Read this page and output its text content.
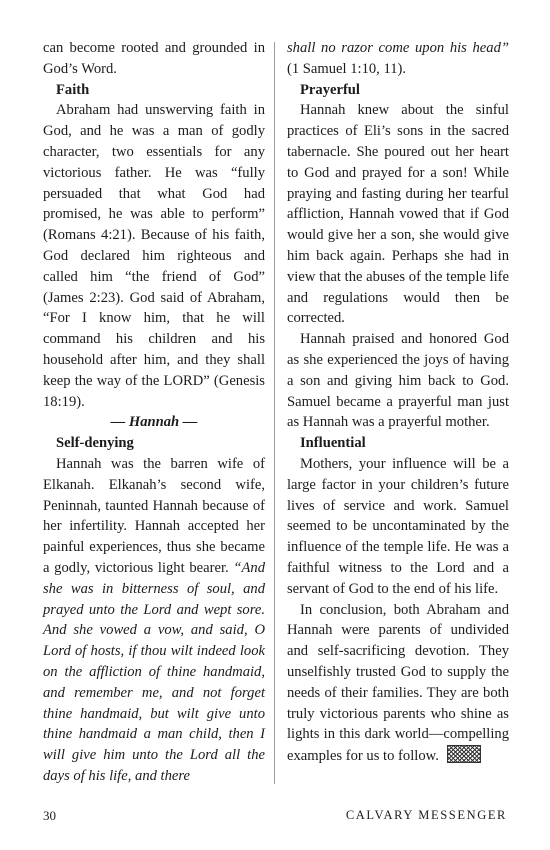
can become rooted and grounded in God’s Word.

Faith

Abraham had unswerving faith in God, and he was a man of godly character, two essentials for any victorious father. He was “fully persuaded that what God had promised, he was able to perform” (Romans 4:21). Because of his faith, God declared him righteous and called him “the friend of God” (James 2:23). God said of Abraham, “For I know him, that he will command his children and his household after him, and they shall keep the way of the LORD” (Genesis 18:19).

— Hannah —
Self-denying

Hannah was the barren wife of Elkanah. Elkanah’s second wife, Peninnah, taunted Hannah because of her infertility. Hannah accepted her painful experiences, thus she became a godly, victorious light bearer. “And she was in bitterness of soul, and prayed unto the Lord and wept sore. And she vowed a vow, and said, O Lord of hosts, if thou wilt indeed look on the affliction of thine handmaid, and remember me, and not forget thine handmaid, but wilt give unto thine handmaid a man child, then I will give him unto the Lord all the days of his life, and there

shall no razor come upon his head” (1 Samuel 1:10, 11).

Prayerful

Hannah knew about the sinful practices of Eli’s sons in the sacred tabernacle. She poured out her heart to God and prayed for a son! While praying and fasting during her tearful affliction, Hannah vowed that if God would give her a son, she would give him back again. Perhaps she had in view that the abuses of the temple life and regulations would then be corrected.

Hannah praised and honored God as she experienced the joys of having a son and giving him back to God. Samuel became a prayerful man just as Hannah was a prayerful mother.

Influential

Mothers, your influence will be a large factor in your children’s future lives of service and work. Samuel seemed to be uncontaminated by the influence of the temple life. He was a faithful witness to the Lord and a servant of God to the end of his life.

In conclusion, both Abraham and Hannah were parents of undivided and self-sacrificing devotion. They unselfishly trusted God to supply the needs of their families. They are both truly victorious parents who shine as lights in this dark world—compelling examples for us to follow.

30	CALVARY MESSENGER
